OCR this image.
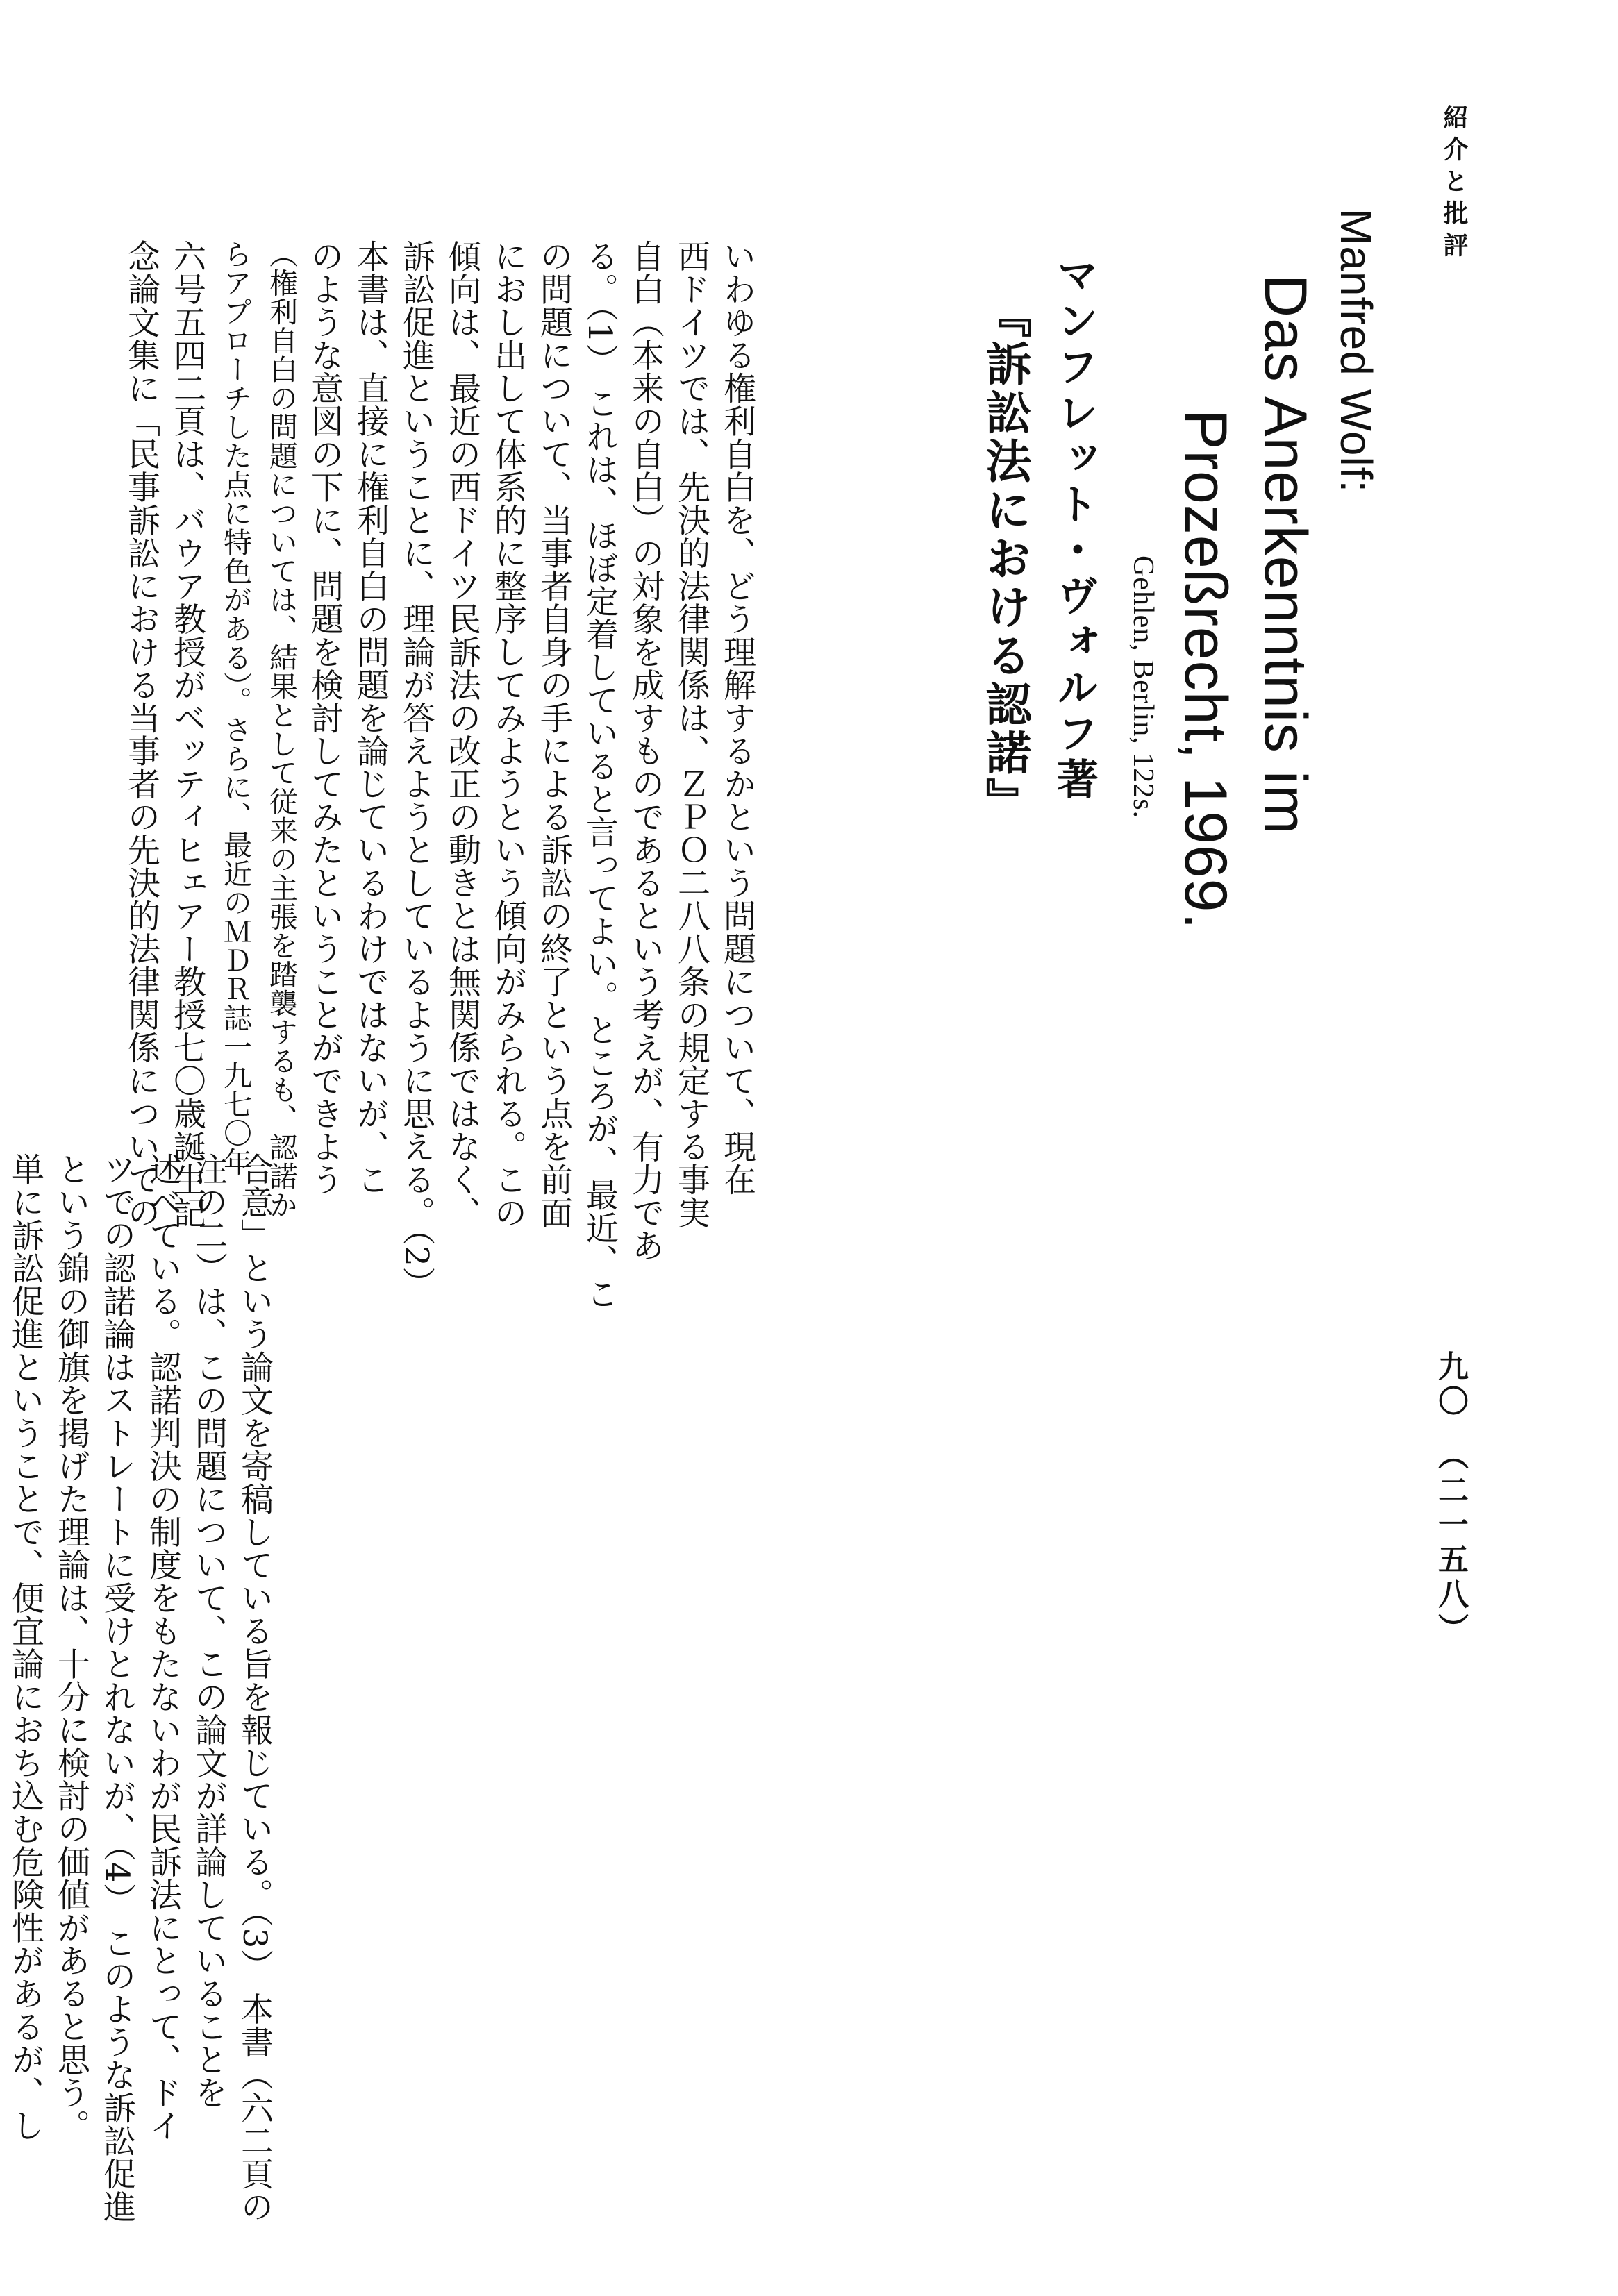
紹介と批評
九〇　（二一五八）
Manfred Wolf:
Das Anerkenntnis im
Prozeßrecht, 1969.
Gehlen, Berlin, 122s.
マンフレット・ヴォルフ著
『訴訟法における認諾』
いわゆる権利自白を、どう理解するかという問題について、現在
西ドイツでは、先決的法律関係は、ＺＰＯ二八八条の規定する事実
自白（本来の自白）の対象を成すものであるという考えが、有力であ
る。（1） これは、ほぼ定着していると言ってよい。ところが、最近、こ
の問題について、当事者自身の手による訴訟の終了という点を前面
におし出して体系的に整序してみようという傾向がみられる。この
傾向は、最近の西ドイツ民訴法の改正の動きとは無関係ではなく、
訴訟促進ということに、理論が答えようとしているように思える。（2）
本書は、直接に権利自白の問題を論じているわけではないが、こ
のような意図の下に、問題を検討してみたということができよう
（権利自白の問題については、結果として従来の主張を踏襲するも、認諾か
らアプローチした点に特色がある）。さらに、最近のＭＤＲ誌一九七〇年
六号五四二頁は、バウア教授がベッティヒェアー教授七〇歳誕生記
念論文集に「民事訴訟における当事者の先決的法律関係についての
合意」という論文を寄稿している旨を報じている。（3） 本書（六二頁の
注の二）は、この問題について、この論文が詳論していることを
述べている。認諾判決の制度をもたないわが民訴法にとって、ドイ
ツでの認諾論はストレートに受けとれないが、（4） このような訴訟促進
という錦の御旗を掲げた理論は、十分に検討の価値があると思う。
単に訴訟促進ということで、便宜論におち込む危険性があるが、し
